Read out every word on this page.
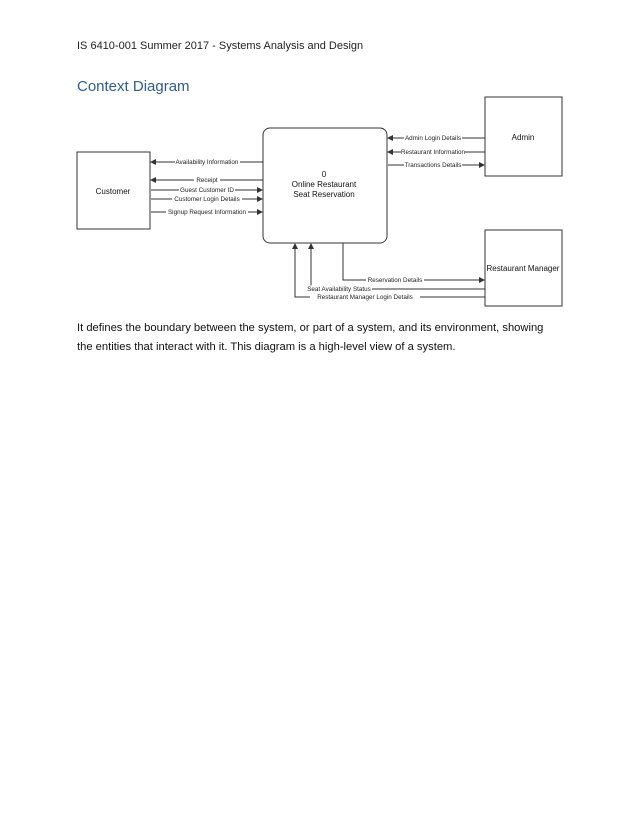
IS 6410-001 Summer 2017 - Systems Analysis and Design
Context Diagram
Customer
0
Online Restaurant
Seat Reservation
Admin
Restaurant Manager
Availability Information
Receipt
Guest Customer ID
Customer Login Details
Signup Request Information
Admin Login Details
Restaurant Information
Transactions Details
Reservation Details
Seat Availability Status
Restaurant Manager Login Details
It defines the boundary between the system, or part of a system, and its environment, showing
the entities that interact with it. This diagram is a high-level view of a system.
